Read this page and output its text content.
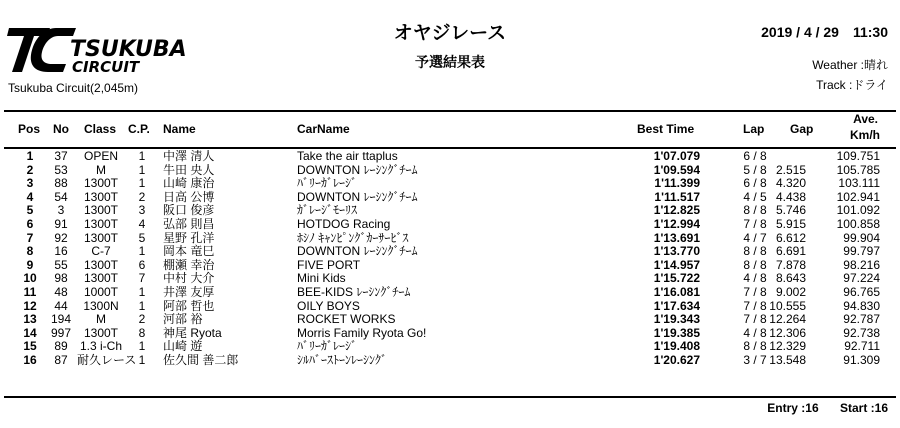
TSUKUBA
CIRCUIT
Tsukuba Circuit(2,045m)
オヤジレース
予選結果表
2019 / 4 / 29　11:30
Weather :晴れ
Track :ドライ
Pos No Class C.P. Name	CarName	Best Time	Lap Gap
Ave.
Km/h
1	37	OPEN	1	中澤 清人	Take the air ttaplus	1'07.079	6 / 8	109.751
2	53	M	1	牛田 央人	DOWNTON ﾚｰｼﾝｸﾞﾁｰﾑ	1'09.594	5 / 8 2.515	105.785
3	88	1300T	1	山崎 康治	ﾊﾞﾘｰｶﾞﾚｰｼﾞ	1'11.399	6 / 8 4.320	103.111
4	54	1300T	2	日高 公博	DOWNTON ﾚｰｼﾝｸﾞﾁｰﾑ	1'11.517	4 / 5 4.438	102.941
5	3	1300T	3	阪口 俊彦	ｶﾞﾚｰｼﾞﾓｰﾘｽ	1'12.825	8 / 8 5.746	101.092
6	91	1300T	4	弘部 則昌	HOTDOG Racing	1'12.994	7 / 8 5.915	100.858
7	92	1300T	5	星野 孔洋	ﾎｼﾉ ｷｬﾝﾋﾟﾝｸﾞｶｰｻｰﾋﾞｽ	1'13.691	4 / 7 6.612	99.904
8	16	C-7	1	岡本 竜巳	DOWNTON ﾚｰｼﾝｸﾞﾁｰﾑ	1'13.770	8 / 8 6.691	99.797
9	55	1300T	6	棚瀬 幸治	FIVE PORT	1'14.957	8 / 8 7.878	98.216
10	98	1300T	7	中村 大介	Mini Kids	1'15.722	4 / 8 8.643	97.224
11	48	1000T	1	井澤 友厚	BEE-KIDS ﾚｰｼﾝｸﾞﾁｰﾑ	1'16.081	7 / 8 9.002	96.765
12	44	1300N	1	阿部 哲也	OILY BOYS	1'17.634	7 / 8 10.555	94.830
13	194	M	2	河部 裕	ROCKET WORKS	1'19.343	7 / 8 12.264	92.787
14	997	1300T	8	神尾 Ryota	Morris Family Ryota Go!	1'19.385	4 / 8 12.306	92.738
15	89	1.3 i-Ch	1	山崎 遊	ﾊﾞﾘｰｶﾞﾚｰｼﾞ	1'19.408	8 / 8 12.329	92.711
16	87 耐久レース 1	佐久間 善二郎	ｼﾙﾊﾞｰｽﾄｰﾝﾚｰｼﾝｸﾞ	1'20.627	3 / 7 13.548	91.309
Entry :16 Start :16
